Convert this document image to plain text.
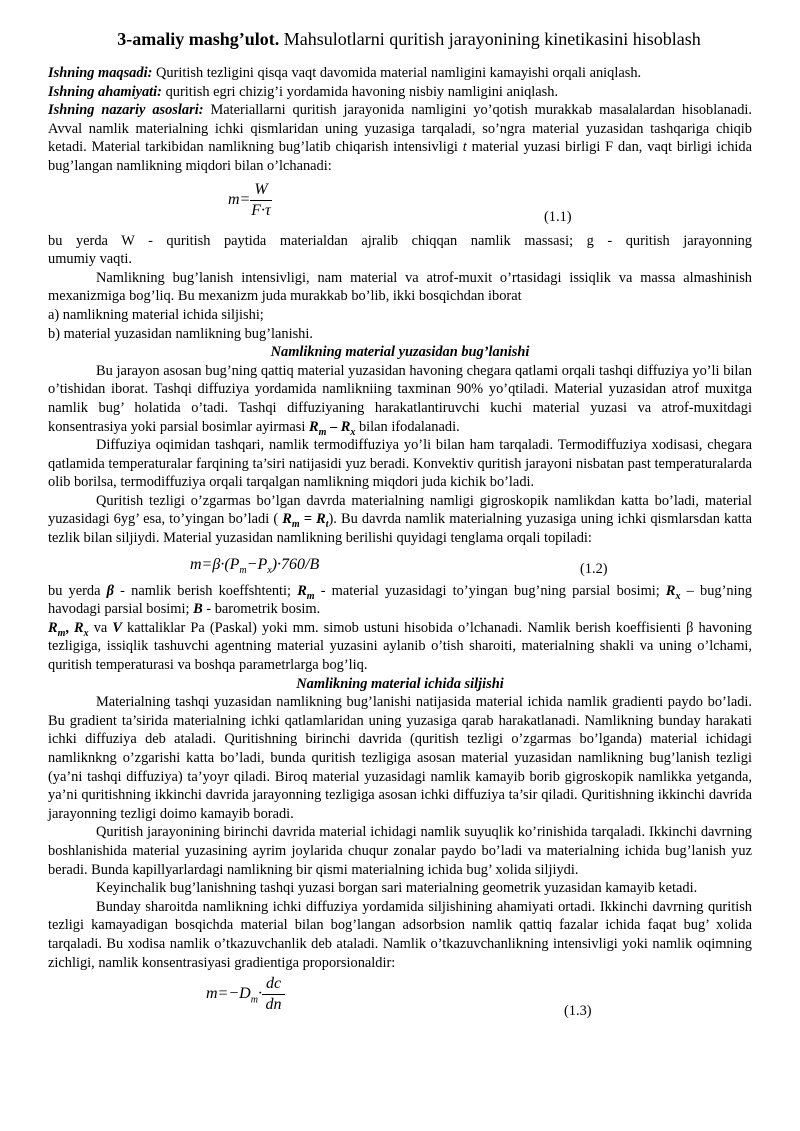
3-amaliy mashg’ulot. Mahsulotlarni quritish jarayonining kinetikasini hisoblash

Ishning maqsadi: Quritish tezligini qisqa vaqt davomida material namligini kamayishi orqali aniqlash.

Ishning ahamiyati: quritish egri chizig’i yordamida havoning nisbiy namligini aniqlash.

Ishning nazariy asoslari: Materiallarni quritish jarayonida namligini yo’qotish murakkab masalalardan hisoblanadi. Avval namlik materialning ichki qismlaridan uning yuzasiga tarqaladi, so’ngra material yuzasidan tashqariga chiqib ketadi. Material tarkibidan namlikning bug’latib chiqarish intensivligi t material yuzasi birligi F dan, vaqt birligi ichida bug’langan namlikning miqdori bilan o’lchanadi:

$m= \frac{W}{F\cdot\tau}$	(1.1)

bu yerda W - quritish paytida materialdan ajralib chiqqan namlik massasi; g - quritish jarayonning

umumiy vaqti.

Namlikning bug’lanish intensivligi, nam material va atrof-muxit o’rtasidagi issiqlik va massa almashinish mexanizmiga bog’liq. Bu mexanizm juda murakkab bo’lib, ikki bosqichdan iborat

a) namlikning material ichida siljishi;

b) material yuzasidan namlikning bug’lanishi.

Namlikning material yuzasidan bug’lanishi

Bu jarayon asosan bug’ning qattiq material yuzasidan havoning chegara qatlami orqali tashqi diffuziya yo’li bilan o’tishidan iborat. Tashqi diffuziya yordamida namlikniing taxminan 90% yo’qtiladi. Material yuzasidan atrof muxitga namlik bug’ holatida o’tadi. Tashqi diffuziyaning harakatlantiruvchi kuchi material yuzasi va atrof-muxitdagi konsentrasiya yoki parsial bosimlar ayirmasi $R_m - R_x$ bilan ifodalanadi.

Diffuziya oqimidan tashqari, namlik termodiffuziya yo’li bilan ham tarqaladi. Termodiffuziya xodisasi, chegara qatlamida temperaturalar farqining ta’siri natijasidi yuz beradi. Konvektiv quritish jarayoni nisbatan past temperaturalarda olib borilsa, termodiffuziya orqali tarqalgan namlikning miqdori juda kichik bo’ladi.

Quritish tezligi o’zgarmas bo’lgan davrda materialning namligi gigroskopik namlikdan katta bo’ladi, material yuzasidagi 6yg’ esa, to’yingan bo’ladi ( $R_m = R_t$). Bu davrda namlik materialning yuzasiga uning ichki qismlarsdan katta tezlik bilan siljiydi. Material yuzasidan namlikning berilishi quyidagi tenglama orqali topiladi:

$m=\beta\cdot(P_m-P_x)\cdot 760/B$	(1.2)

bu yerda β - namlik berish koeffshtenti; $R_m$ - material yuzasidagi to’yingan bug’ning parsial bosimi; $R_x$ – bug’ning havodagi parsial bosimi; B - barometrik bosim.

$R_m$, $R_x$ va V kattaliklar Pa (Paskal) yoki mm. simob ustuni hisobida o’lchanadi. Namlik berish koeffisienti β havoning tezligiga, issiqlik tashuvchi agentning material yuzasini aylanib o’tish sharoiti, materialning shakli va uning o’lchami, quritish temperaturasi va boshqa parametrlarga bog’liq.

Namlikning material ichida siljishi

Materialning tashqi yuzasidan namlikning bug’lanishi natijasida material ichida namlik gradienti paydo bo’ladi. Bu gradient ta’sirida materialning ichki qatlamlaridan uning yuzasiga qarab harakatlanadi. Namlikning bunday harakati ichki diffuziya deb ataladi. Quritishning birinchi davrida (quritish tezligi o’zgarmas bo’lganda) material ichidagi namliknkng o’zgarishi katta bo’ladi, bunda quritish tezligiga asosan material yuzasidan namlikning bug’lanish tezligi (ya’ni tashqi diffuziya) ta’yoyr qiladi. Biroq material yuzasidagi namlik kamayib borib gigroskopik namlikka yetganda, ya’ni quritishning ikkinchi davrida jarayonning tezligiga asosan ichki diffuziya ta’sir qiladi. Quritishning ikkinchi davrida jarayonning tezligi doimo kamayib boradi.

Quritish jarayonining birinchi davrida material ichidagi namlik suyuqlik ko’rinishida tarqaladi. Ikkinchi davrning boshlanishida material yuzasining ayrim joylarida chuqur zonalar paydo bo’ladi va materialning ichida bug’lanish yuz beradi. Bunda kapillyarlardagi namlikning bir qismi materialning ichida bug’ xolida siljiydi.

Keyinchalik bug’lanishning tashqi yuzasi borgan sari materialning geometrik yuzasidan kamayib ketadi.

Bunday sharoitda namlikning ichki diffuziya yordamida siljishining ahamiyati ortadi. Ikkinchi davrning quritish tezligi kamayadigan bosqichda material bilan bog’langan adsorbsion namlik qattiq fazalar ichida faqat bug’ xolida tarqaladi. Bu xodisa namlik o’tkazuvchanlik deb ataladi. Namlik o’tkazuvchanlikning intensivligi yoki namlik oqimning zichligi, namlik konsentrasiyasi gradientiga proporsionaldir:

$m=-D_m\cdot \frac{dc}{dn}$	(1.3)
